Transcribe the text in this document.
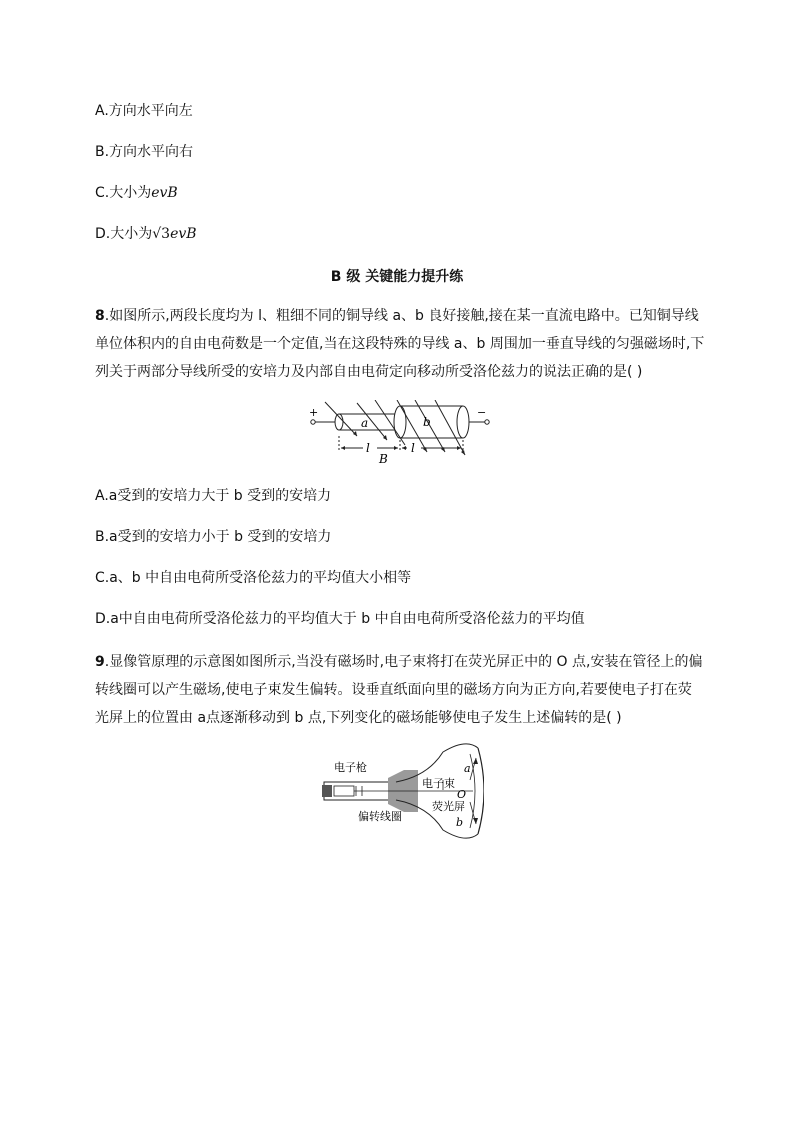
A.方向水平向左
B.方向水平向右
C.大小为evB
D.大小为√3evB
B 级 关键能力提升练
8.如图所示,两段长度均为 l、粗细不同的铜导线 a、b 良好接触,接在某一直流电路中。已知铜导线
单位体积内的自由电荷数是一个定值,当在这段特殊的导线 a、b 周围加一垂直导线的匀强磁场时,下
列关于两部分导线所受的安培力及内部自由电荷定向移动所受洛伦兹力的说法正确的是( )
+	−
a	b
l	l
B
A.a受到的安培力大于 b 受到的安培力
B.a受到的安培力小于 b 受到的安培力
C.a、b 中自由电荷所受洛伦兹力的平均值大小相等
D.a中自由电荷所受洛伦兹力的平均值大于 b 中自由电荷所受洛伦兹力的平均值
9.显像管原理的示意图如图所示,当没有磁场时,电子束将打在荧光屏正中的 O 点,安装在管径上的偏
转线圈可以产生磁场,使电子束发生偏转。设垂直纸面向里的磁场方向为正方向,若要使电子打在荧
光屏上的位置由 a点逐渐移动到 b 点,下列变化的磁场能够使电子发生上述偏转的是( )
电子枪
电子束
荧光屏
偏转线圈
a
O
b
